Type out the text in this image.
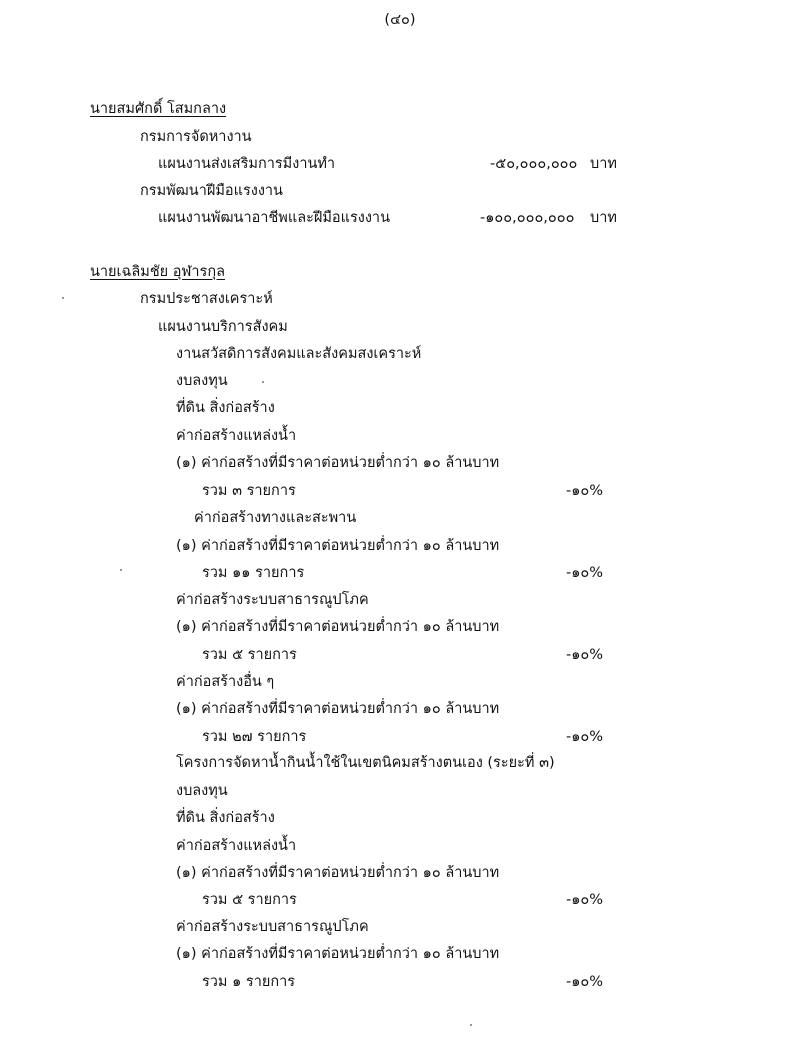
(๔๐)
นายสมศักดิ์ โสมกลาง
กรมการจัดหางาน
แผนงานส่งเสริมการมีงานทำ	-๕๐,๐๐๐,๐๐๐ บาท
กรมพัฒนาฝีมือแรงงาน
แผนงานพัฒนาอาชีพและฝีมือแรงงาน	-๑๐๐,๐๐๐,๐๐๐ บาท
นายเฉลิมชัย อุฬารกุล
กรมประชาสงเคราะห์
แผนงานบริการสังคม
งานสวัสดิการสังคมและสังคมสงเคราะห์
งบลงทุน
ที่ดิน สิ่งก่อสร้าง
ค่าก่อสร้างแหล่งน้ำ
(๑) ค่าก่อสร้างที่มีราคาต่อหน่วยต่ำกว่า ๑๐ ล้านบาท
รวม ๓ รายการ	-๑๐%
ค่าก่อสร้างทางและสะพาน
(๑) ค่าก่อสร้างที่มีราคาต่อหน่วยต่ำกว่า ๑๐ ล้านบาท
รวม ๑๑ รายการ	-๑๐%
ค่าก่อสร้างระบบสาธารณูปโภค
(๑) ค่าก่อสร้างที่มีราคาต่อหน่วยต่ำกว่า ๑๐ ล้านบาท
รวม ๕ รายการ	-๑๐%
ค่าก่อสร้างอื่น ๆ
(๑) ค่าก่อสร้างที่มีราคาต่อหน่วยต่ำกว่า ๑๐ ล้านบาท
รวม ๒๗ รายการ	-๑๐%
โครงการจัดหาน้ำกินน้ำใช้ในเขตนิคมสร้างตนเอง (ระยะที่ ๓)
งบลงทุน
ที่ดิน สิ่งก่อสร้าง
ค่าก่อสร้างแหล่งน้ำ
(๑) ค่าก่อสร้างที่มีราคาต่อหน่วยต่ำกว่า ๑๐ ล้านบาท
รวม ๕ รายการ	-๑๐%
ค่าก่อสร้างระบบสาธารณูปโภค
(๑) ค่าก่อสร้างที่มีราคาต่อหน่วยต่ำกว่า ๑๐ ล้านบาท
รวม ๑ รายการ	-๑๐%
